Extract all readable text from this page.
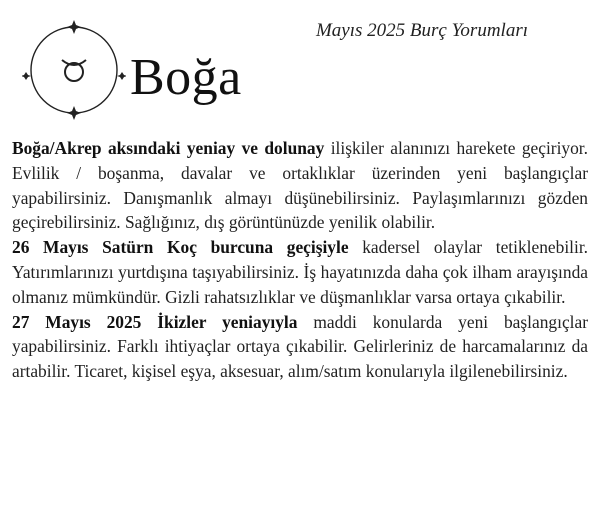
Mayıs 2025 Burç Yorumları
Boğa

Boğa/Akrep aksındaki yeniay ve dolunay ilişkiler alanınızı harekete geçiriyor. Evlilik / boşanma, davalar ve ortaklıklar üzerinden yeni başlangıçlar yapabilirsiniz. Danışmanlık almayı düşünebilirsiniz. Paylaşımlarınızı gözden geçirebilirsiniz. Sağlığınız, dış görüntünüzde yenilik olabilir.

26 Mayıs Satürn Koç burcuna geçişiyle kadersel olaylar tetiklenebilir. Yatırımlarınızı yurtdışına taşıyabilirsiniz. İş hayatınızda daha çok ilham arayışında olmanız mümkündür. Gizli rahatsızlıklar ve düşmanlıklar varsa ortaya çıkabilir.

27 Mayıs 2025 İkizler yeniayıyla maddi konularda yeni başlangıçlar yapabilirsiniz. Farklı ihtiyaçlar ortaya çıkabilir. Gelirleriniz de harcamalarınız da artabilir. Ticaret, kişisel eşya, aksesuar, alım/satım konularıyla ilgilenebilirsiniz.
